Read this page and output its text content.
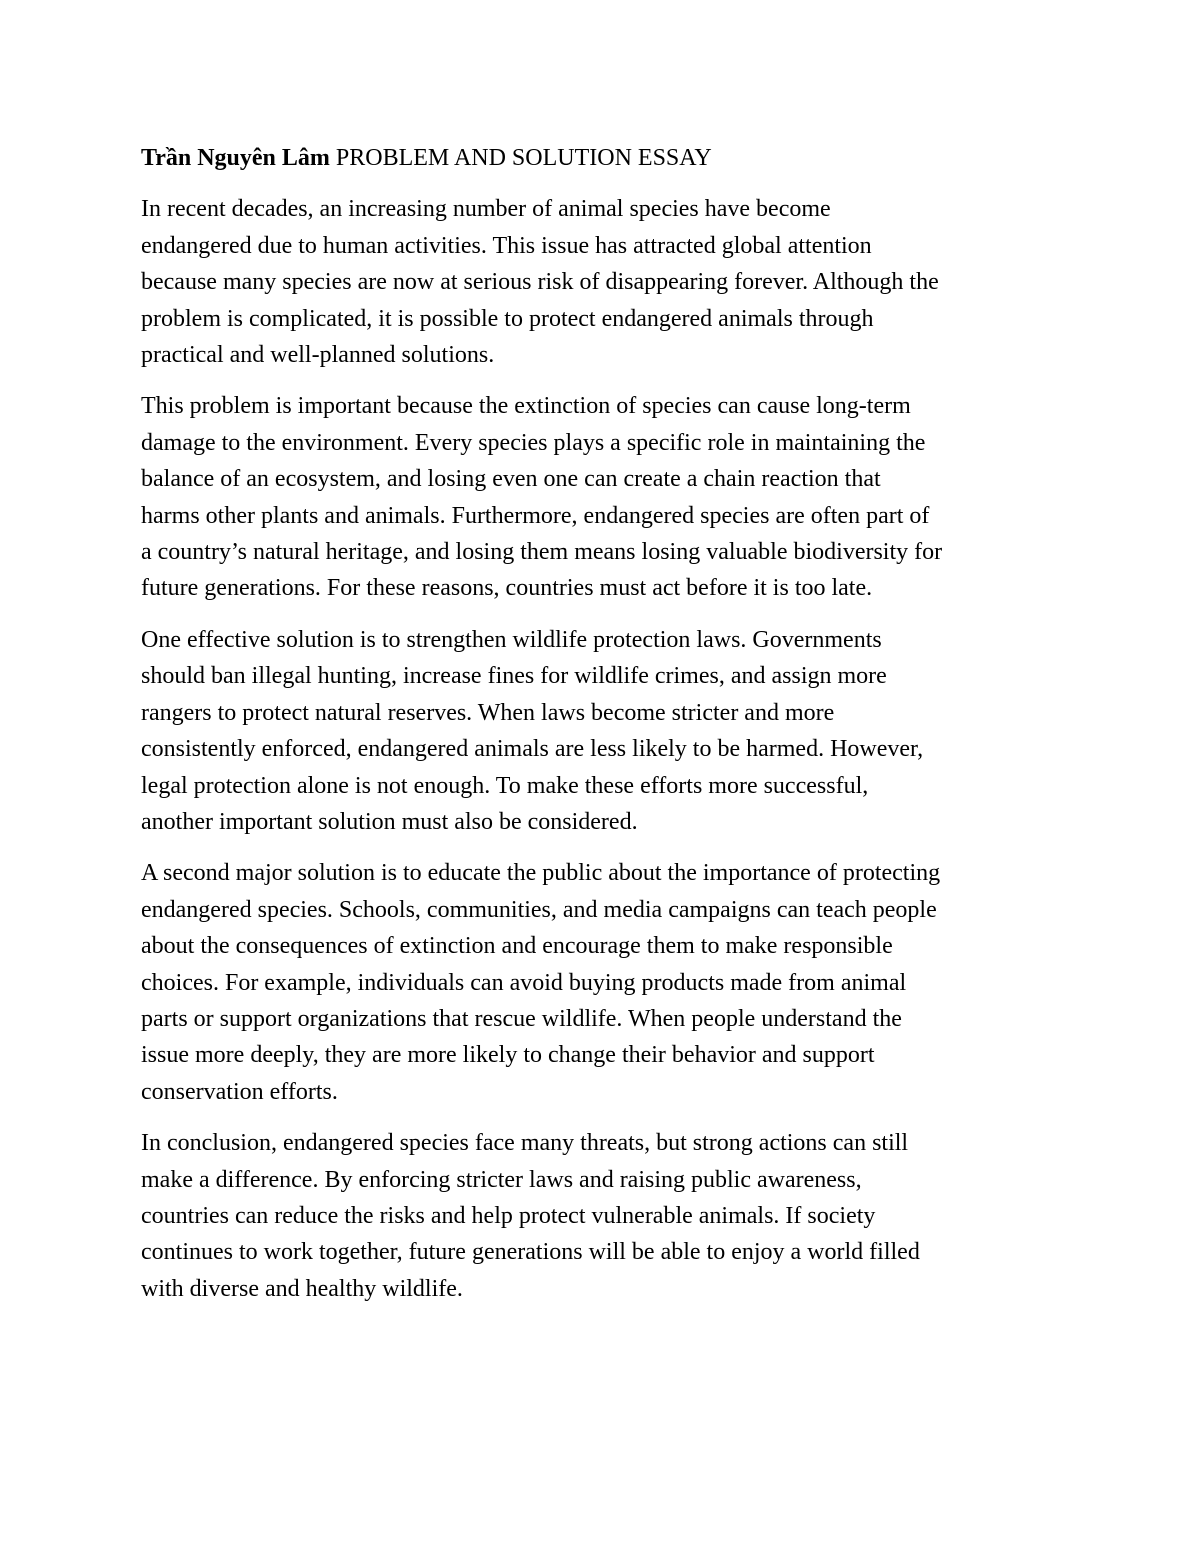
Trần Nguyên Lâm PROBLEM AND SOLUTION ESSAY

In recent decades, an increasing number of animal species have become
endangered due to human activities. This issue has attracted global attention
because many species are now at serious risk of disappearing forever. Although the
problem is complicated, it is possible to protect endangered animals through
practical and well-planned solutions.

This problem is important because the extinction of species can cause long-term
damage to the environment. Every species plays a specific role in maintaining the
balance of an ecosystem, and losing even one can create a chain reaction that
harms other plants and animals. Furthermore, endangered species are often part of
a country’s natural heritage, and losing them means losing valuable biodiversity for
future generations. For these reasons, countries must act before it is too late.

One effective solution is to strengthen wildlife protection laws. Governments
should ban illegal hunting, increase fines for wildlife crimes, and assign more
rangers to protect natural reserves. When laws become stricter and more
consistently enforced, endangered animals are less likely to be harmed. However,
legal protection alone is not enough. To make these efforts more successful,
another important solution must also be considered.

A second major solution is to educate the public about the importance of protecting
endangered species. Schools, communities, and media campaigns can teach people
about the consequences of extinction and encourage them to make responsible
choices. For example, individuals can avoid buying products made from animal
parts or support organizations that rescue wildlife. When people understand the
issue more deeply, they are more likely to change their behavior and support
conservation efforts.

In conclusion, endangered species face many threats, but strong actions can still
make a difference. By enforcing stricter laws and raising public awareness,
countries can reduce the risks and help protect vulnerable animals. If society
continues to work together, future generations will be able to enjoy a world filled
with diverse and healthy wildlife.
